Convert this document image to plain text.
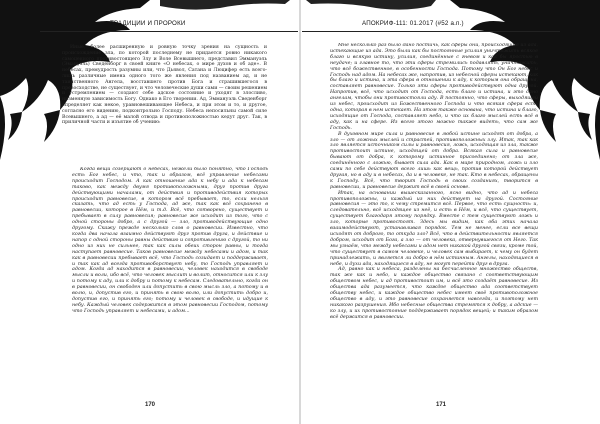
ТРАДИЦИИ И ПРОРОКИ

Иные, более расширенную и ровную точку зрения на сущность и происхождение зла, по которой последнему не придается ровно никакого самоценного противостоящего Злу и Воле Всевышнего, представил Эммануэль (Эмануэль) Сведенборг в своей книге «О небесах, о мире духов и об аде». В небесах, премудрость разумны или, что Дьявол, Сатана и Люцифер есть всего-лишь различные имена одного того же явления под названием ад, и не таинственного Ангела, восставшего против Бога и страшившегося в превосходстве, не существует, и что человеческие души сами — своим решением и устремлением — создают себе адское состояние и уходят в злосливо, низменную зависимость Богу. Однако в Его творении. Ад, Эммануэль Сведенборг определяет как некое, уравновешивающее Небеса, и при этом и то, и другое, согласно его видению, подконтрольно Господу. Небеса непосильны самой силе Всевышнего, а ад — её малой отвода и противоположностью кедут друг. Так, в приличной части и изъятие об учению:

Когда вещи созерцают о небесах, нежели было понятно, что Господь есть Бог небес, и что, так и образом, всё управление небесами происходит Господом. А как отношение ада к небу и ада к небесам таково, как между двумя противоположными, друг против друга действующими началами, от действия и противодействия которых происходит равновесие, в котором всё пребывает, то, если нельзя сказать, что ад есть у Господа, ад же, так как всё сохранено в равновесии, которое в Нём, и т.д. Всё, что сотворено, существует и пребывает в силу равновесия; равновесие же исходит из того, что с одной стороны добро, а с другой — зло, противодействующие одно другому. Скажу прежде несколько слов о равновесии. Известно, что когда два начала взаимно действуют друг против друга, и действие и напор с одной стороны равны действию и сопротивлению с другой, то ни одно из них не сильнее, так как силы обеих сторон равны, и тогда наступает равновесие. Таков равновесие между небесами и адом, и так как в равновесии пребывает всё, что Господь созидает и поддерживает, и так как ад всегда противоборствует небу, то Господь управляет и адом. Когда ад находится в равновесии, человек находится в свободе мысли и воли, ибо всё, что человек мыслит и волит, относится или к злу и потому к аду, или к добру и потому к небесам. Следовательно, когда он в равновесии, он свободен или допустить в свою мысль зло, а потому и в волю, и, допустив его, и принять в свою волю, или допустить добро и, допустив его, и принять его; потому и человек в свободе, и идущие к небу. Каждый человек содержится в этом равновесии Господом, потому что Господь управляет и небесами, и адом...

170
АПОКРИФ-111: 01.2017 (#52 а.п.)

Мне несколько раз было дано постичь, как сферы они, происходящие из ада, истекающие из ада. Это были как бы постоянные усилия уничтожить всякое благо и всякую истину, усилия, соединённые с гневом и как бы яростью в неудаче; и главное то, что эти сферы стремились подавлять, уничтожить, что всё божественное, в особенности Господа. Потому что Он Бог небес и Господь над адом. На небесах же, напротив, из небесной сферы истекают, как бы благо и истина, и эта сфера в отношении к аду, к которым она обращена, составляет равновесие. Только эти сферы противодействуют одна другой. Напротив, всё, что исходит от Господа, есть благо и истина, и это дано ангелам, чтобы они противостояли аду. В постоянно, что сферы, выходящей из небес, происходит из Божественного Господа и что всякая сфера есть одна, которая в нем истекает. На этом также основана, что истина и благо, исходящие от Господа, составляет небо, и что их благо мыслей есть всё в аду, как и на сфере. Из всего этого можно также видеть, что сам же Господь.

В духовном мире сила и равновесие в любой истине исходят от добра, а зло — от ложных мыслей и страстей, противоположных злу. Итак, так как зло является источником силы и равновесия, ложь, исходящая из зла, также противостоит истине, исходящей от добра. Всякая сила и равновесие бывают от добра, к которому истинное присоединено; от зла же, соединённого с ложью, бывает сила ада. Как в мире природном, ложь и зло сами по себе действуют всего лишь как вещь, против которой действует другая, но в аду и в небесах, да и в человеке, не так. Кто в небесах, обращены к Господу. Всё, что творит Господь в своих созданиях, творится в равновесии, и равновесие держит всё в своей основе.

Итак, на основании вышесказанного, ясно видно, что ад и небеса противоположны, и каждый из них действует на другой. Состояние равновесия — это то, к чему стремится всё. Первое, что есть сущность: и, следовательно, всё исходящее из неё, и есть в Нём, и всё, что существует, существует благодаря этому порядку. Вместе с тем существуют ложь и зло, которые противостоят. Здесь мы видим, как оба этих начала взаимодействуют, устанавливая порядок. Тем не менее, если все вещи исходят от доброго, то откуда зло? Всё, что в действительности является добром, исходит от Бога, а зло — от человека, отвернувшегося от Него. Так мы узнаём, что между небесами и адом нет никакой другой связи, кроме той, что существует в самом человеке, и человек сам выбирает, к чему он будет принадлежать, и является ли добро в нём истинным. Ангелы, находящиеся в небе, и духи ада, находящиеся в аду, не могут перейти друг в друга.

Ад, равно как и небеса, разделены на бесчисленное множество обществ, так же как и небо, и каждое общество связано с соответствующим обществом небес, и ад противостоит им, и всё это создаёт равновесие. Из общества ада разумеется, что каждое общество ада соответствует обществу небес, и каждое общество небес имеет своё противоположное общество в аду, и это равновесие сохраняется навсегда, и поэтому нет никакого разрушения. Ибо небесные общества стремятся к добру, а адские — ко злу, и их противостояние поддерживает порядок вещей; и таким образом всё держится в равновесии.

171
